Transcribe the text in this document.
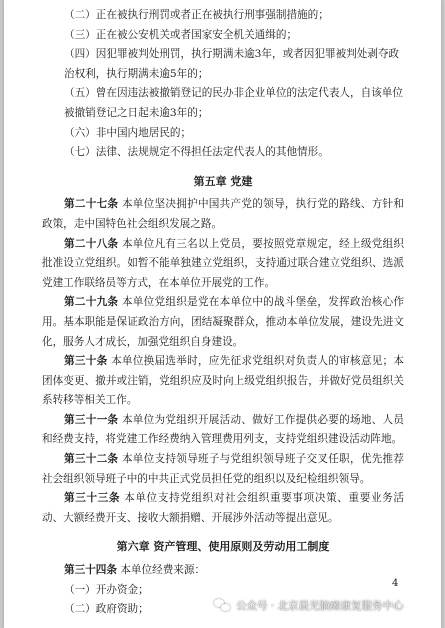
（二）正在被执行刑罚或者正在被执行刑事强制措施的；

（三）正在被公安机关或者国家安全机关通缉的；

（四）因犯罪被判处刑罚，执行期满未逾3年，或者因犯罪被判处剥夺政治权利，执行期满未逾5年的；

（五）曾在因违法被撤销登记的民办非企业单位的法定代表人，自该单位被撤销登记之日起未逾3年的；

（六）非中国内地居民的；

（七）法律、法规规定不得担任法定代表人的其他情形。

第五章 党建

第二十七条 本单位坚决拥护中国共产党的领导，执行党的路线、方针和政策，走中国特色社会组织发展之路。

第二十八条 本单位凡有三名以上党员，要按照党章规定，经上级党组织批准设立党组织。如暂不能单独建立党组织，支持通过联合建立党组织、选派党建工作联络员等方式，在本单位开展党的工作。

第二十九条 本单位党组织是党在本单位中的战斗堡垒，发挥政治核心作用。基本职能是保证政治方向，团结凝聚群众，推动本单位发展，建设先进文化，服务人才成长，加强党组织自身建设。

第三十条 本单位换届选举时，应先征求党组织对负责人的审核意见；本团体变更、撤并或注销，党组织应及时向上级党组织报告，并做好党员组织关系转移等相关工作。

第三十一条 本单位为党组织开展活动、做好工作提供必要的场地、人员和经费支持，将党建工作经费纳入管理费用列支，支持党组织建设活动阵地。

第三十二条 本单位支持领导班子与党组织领导班子交叉任职，优先推荐社会组织领导班子中的中共正式党员担任党的组织以及纪检组织领导。

第三十三条 本单位支持党组织对社会组织重要事项决策、重要业务活动、大额经费开支、接收大额捐赠、开展涉外活动等提出意见。

第六章 资产管理、使用原则及劳动用工制度

第三十四条 本单位经费来源：

（一）开办资金；

（二）政府资助；

4
公众号 · 北京晨光脑瘫康复服务中心
